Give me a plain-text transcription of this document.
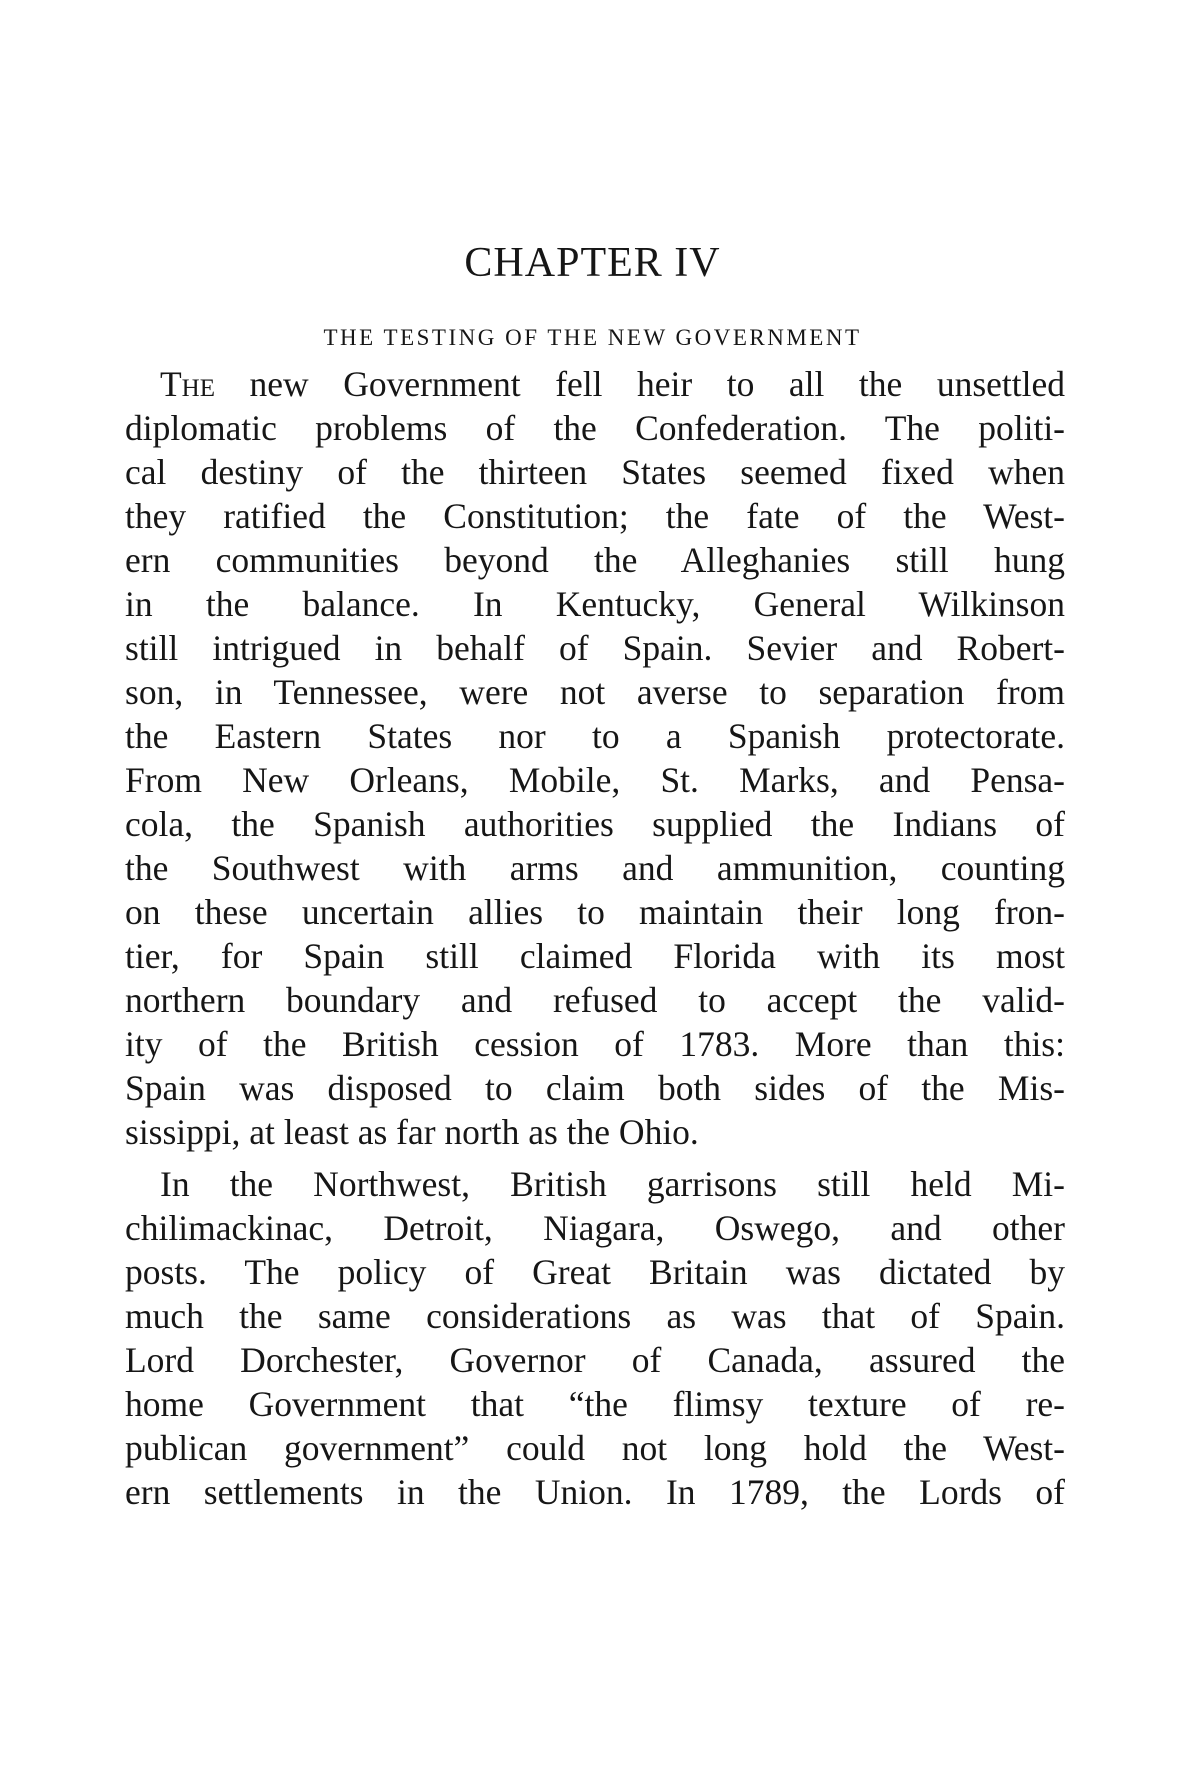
CHAPTER IV
THE TESTING OF THE NEW GOVERNMENT
The new Government fell heir to all the unsettled
diplomatic problems of the Confederation. The politi-
cal destiny of the thirteen States seemed fixed when
they ratified the Constitution; the fate of the West-
ern communities beyond the Alleghanies still hung
in the balance. In Kentucky, General Wilkinson
still intrigued in behalf of Spain. Sevier and Robert-
son, in Tennessee, were not averse to separation from
the Eastern States nor to a Spanish protectorate.
From New Orleans, Mobile, St. Marks, and Pensa-
cola, the Spanish authorities supplied the Indians of
the Southwest with arms and ammunition, counting
on these uncertain allies to maintain their long fron-
tier, for Spain still claimed Florida with its most
northern boundary and refused to accept the valid-
ity of the British cession of 1783. More than this:
Spain was disposed to claim both sides of the Mis-
sissippi, at least as far north as the Ohio.
In the Northwest, British garrisons still held Mi-
chilimackinac, Detroit, Niagara, Oswego, and other
posts. The policy of Great Britain was dictated by
much the same considerations as was that of Spain.
Lord Dorchester, Governor of Canada, assured the
home Government that “the flimsy texture of re-
publican government” could not long hold the West-
ern settlements in the Union. In 1789, the Lords of
